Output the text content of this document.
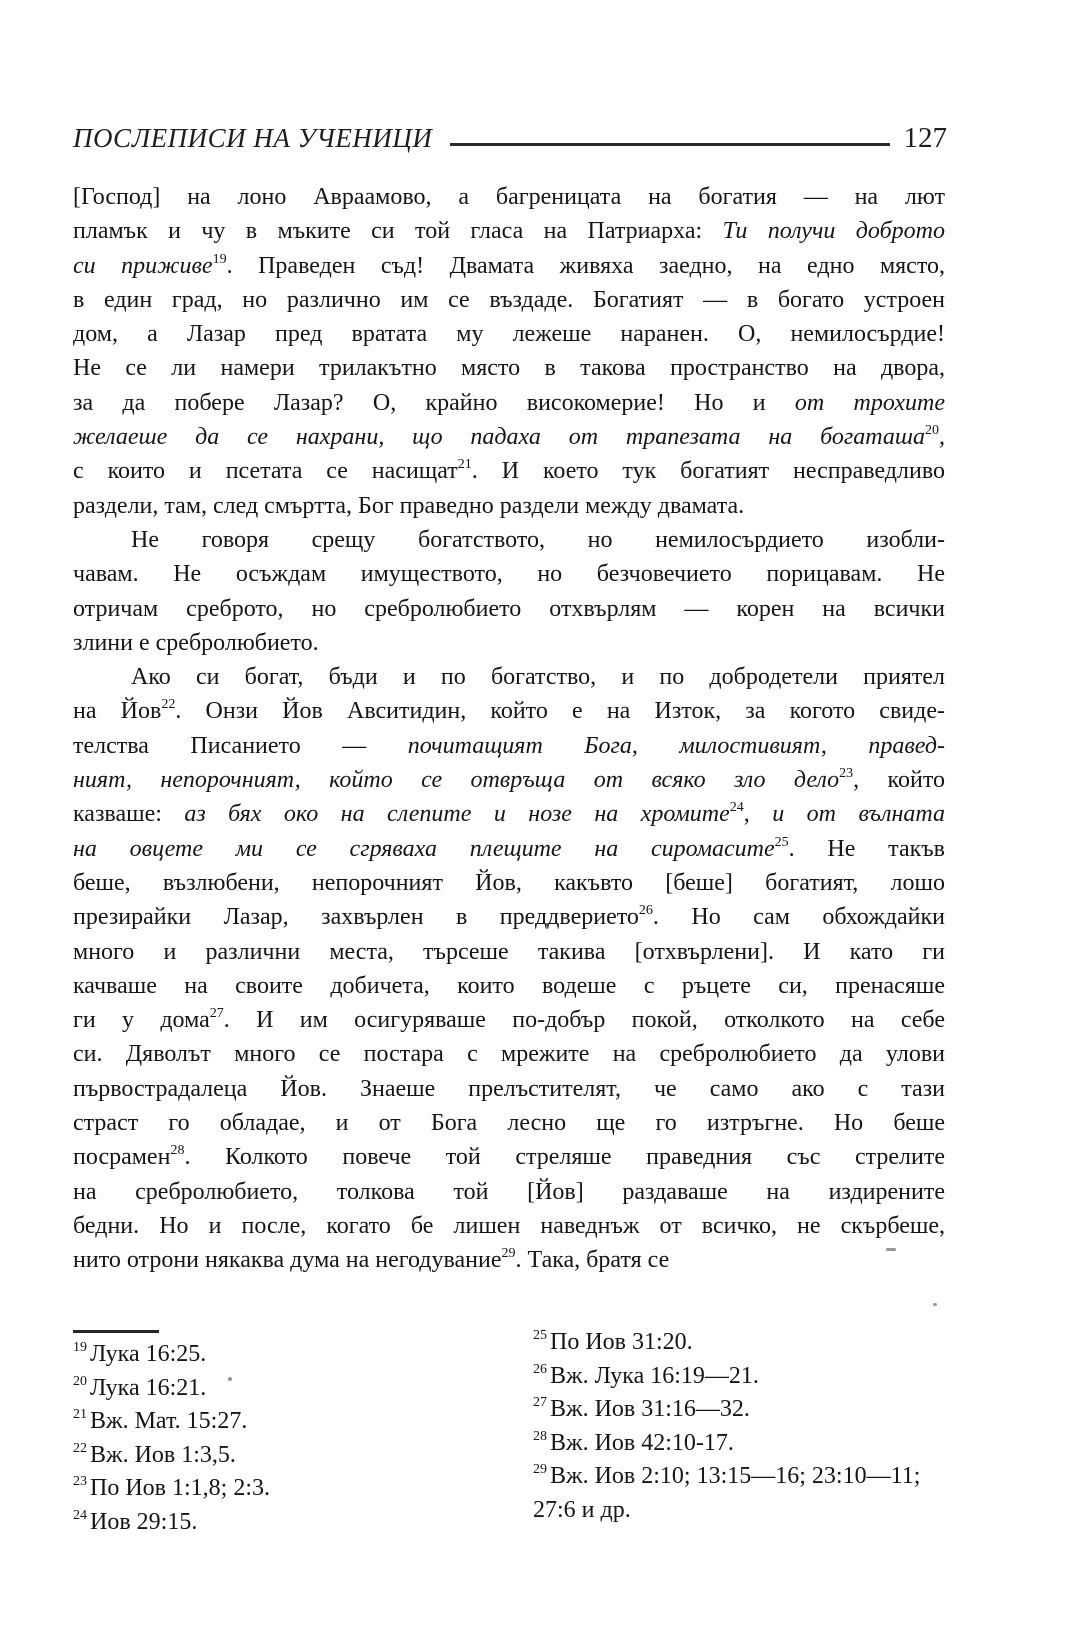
ПОСЛЕПИСИ НА УЧЕНИЦИ	127
[Господ] на лоно Авраамово, а багреницата на богатия — на лют
пламък и чу в мъките си той гласа на Патриарха: Ти получи доброто
си приживе$^{19}$. Праведен съд! Двамата живяха заедно, на едно място,
в един град, но различно им се въздаде. Богатият — в богато устроен
дом, а Лазар пред вратата му лежеше наранен. О, немилосърдие!
Не се ли намери трилакътно място в такова пространство на двора,
за да побере Лазар? О, крайно високомерие! Но и от трохите
желаеше да се нахрани, що падаха от трапезата на богаташа$^{20}$,
с които и псетата се насищат$^{21}$. И което тук богатият несправедливо
раздели, там, след смъртта, Бог праведно раздели между двамата.
Не говоря срещу богатството, но немилосърдието изобли-
чавам. Не осъждам имуществото, но безчовечието порицавам. Не
отричам среброто, но сребролюбието отхвърлям — корен на всички
злини е сребролюбието.
Ако си богат, бъди и по богатство, и по добродетели приятел
на Йов$^{22}$. Онзи Йов Авситидин, който е на Изток, за когото свиде-
телства Писанието — почитащият Бога, милостивият, правед-
ният, непорочният, който се отвръща от всяко зло дело$^{23}$, който
казваше: аз бях око на слепите и нозе на хромите$^{24}$, и от вълната
на овцете ми се сгряваха плещите на сиромасите$^{25}$. Не такъв
беше, възлюбени, непорочният Йов, какъвто [беше] богатият, лошо
презирайки Лазар, захвърлен в преддверието$^{26}$. Но сам обхождайки
много и различни места, търсеше такива [отхвърлени]. И като ги
качваше на своите добичета, които водеше с ръцете си, пренасяше
ги у дома$^{27}$. И им осигуряваше по-добър покой, отколкото на себе
си. Дяволът много се постара с мрежите на сребролюбието да улови
първострадалеца Йов. Знаеше прелъстителят, че само ако с тази
страст го обладае, и от Бога лесно ще го изтръгне. Но беше
посрамен$^{28}$. Колкото повече той стреляше праведния със стрелите
на сребролюбието, толкова той [Йов] раздаваше на издирените
бедни. Но и после, когато бе лишен наведнъж от всичко, не скърбеше,
нито отрони някаква дума на негодувание$^{29}$. Така, братя се
$^{19}$ Лука 16:25.
$^{20}$ Лука 16:21.
$^{21}$ Вж. Мат. 15:27.
$^{22}$ Вж. Иов 1:3,5.
$^{23}$ По Иов 1:1,8; 2:3.
$^{24}$ Иов 29:15.
$^{25}$ По Иов 31:20.
$^{26}$ Вж. Лука 16:19—21.
$^{27}$ Вж. Иов 31:16—32.
$^{28}$ Вж. Иов 42:10-17.
$^{29}$ Вж. Иов 2:10; 13:15—16; 23:10—11; 27:6 и др.
